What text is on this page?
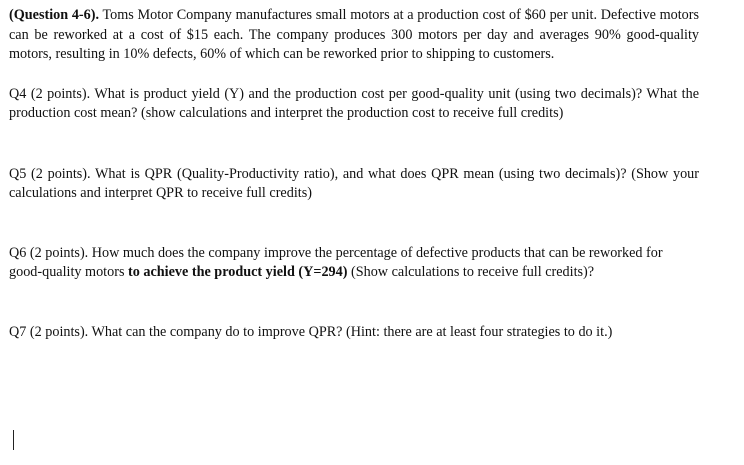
(Question 4-6). Toms Motor Company manufactures small motors at a production cost of $60 per unit. Defective motors can be reworked at a cost of $15 each. The company produces 300 motors per day and averages 90% good-quality motors, resulting in 10% defects, 60% of which can be reworked prior to shipping to customers.

Q4 (2 points). What is product yield (Y) and the production cost per good-quality unit (using two decimals)? What the production cost mean? (show calculations and interpret the production cost to receive full credits)

Q5 (2 points). What is QPR (Quality-Productivity ratio), and what does QPR mean (using two decimals)? (Show your calculations and interpret QPR to receive full credits)

Q6 (2 points). How much does the company improve the percentage of defective products that can be reworked for good-quality motors to achieve the product yield (Y=294) (Show calculations to receive full credits)?

Q7 (2 points). What can the company do to improve QPR? (Hint: there are at least four strategies to do it.)
